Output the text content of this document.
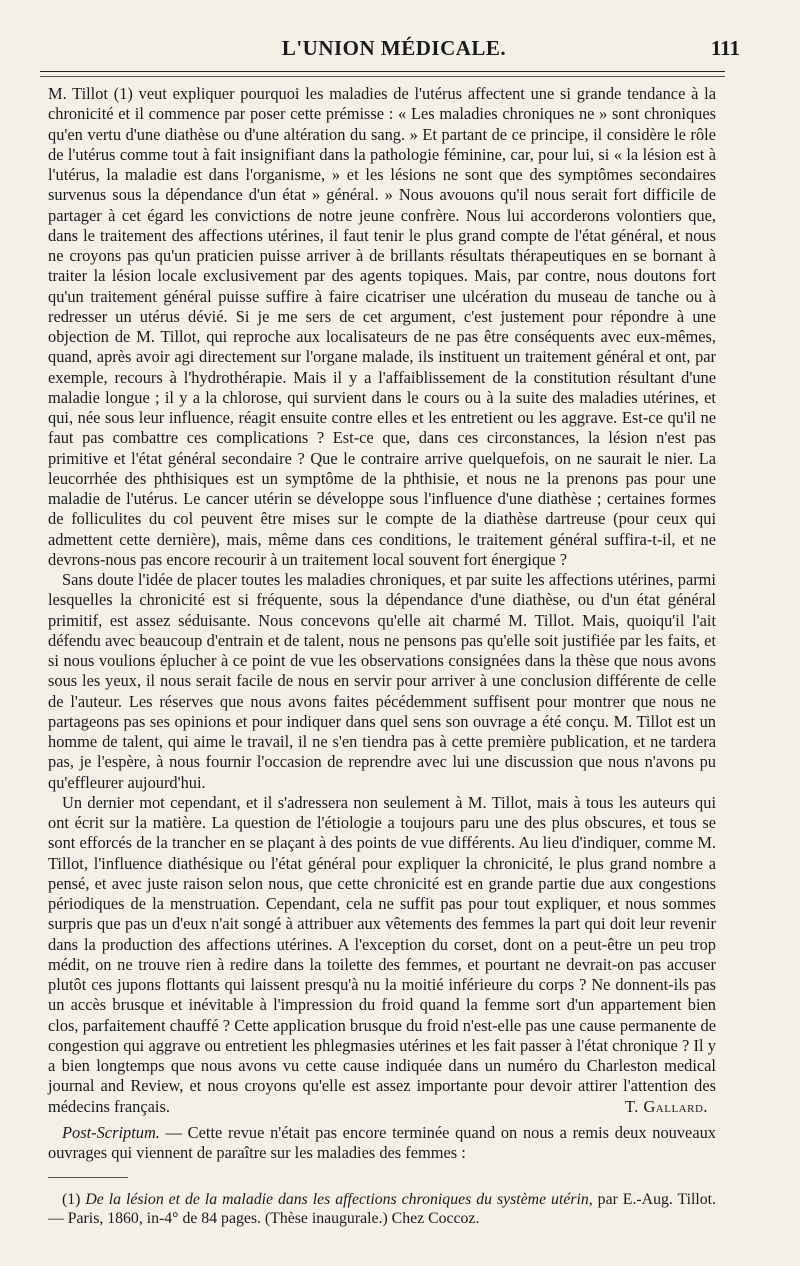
L'UNION MÉDICALE.	111

M. Tillot (1) veut expliquer pourquoi les maladies de l'utérus affectent une si grande tendance à la chronicité et il commence par poser cette prémisse : « Les maladies chroniques ne » sont chroniques qu'en vertu d'une diathèse ou d'une altération du sang. » Et partant de ce principe, il considère le rôle de l'utérus comme tout à fait insignifiant dans la pathologie féminine, car, pour lui, si « la lésion est à l'utérus, la maladie est dans l'organisme, » et les lésions ne sont que des symptômes secondaires survenus sous la dépendance d'un état » général. » Nous avouons qu'il nous serait fort difficile de partager à cet égard les convictions de notre jeune confrère. Nous lui accorderons volontiers que, dans le traitement des affections utérines, il faut tenir le plus grand compte de l'état général, et nous ne croyons pas qu'un praticien puisse arriver à de brillants résultats thérapeutiques en se bornant à traiter la lésion locale exclusivement par des agents topiques. Mais, par contre, nous doutons fort qu'un traitement général puisse suffire à faire cicatriser une ulcération du museau de tanche ou à redresser un utérus dévié. Si je me sers de cet argument, c'est justement pour répondre à une objection de M. Tillot, qui reproche aux localisateurs de ne pas être conséquents avec eux-mêmes, quand, après avoir agi directement sur l'organe malade, ils instituent un traitement général et ont, par exemple, recours à l'hydrothérapie. Mais il y a l'affaiblissement de la constitution résultant d'une maladie longue ; il y a la chlorose, qui survient dans le cours ou à la suite des maladies utérines, et qui, née sous leur influence, réagit ensuite contre elles et les entretient ou les aggrave. Est-ce qu'il ne faut pas combattre ces complications ? Est-ce que, dans ces circonstances, la lésion n'est pas primitive et l'état général secondaire ? Que le contraire arrive quelquefois, on ne saurait le nier. La leucorrhée des phthisiques est un symptôme de la phthisie, et nous ne la prenons pas pour une maladie de l'utérus. Le cancer utérin se développe sous l'influence d'une diathèse ; certaines formes de folliculites du col peuvent être mises sur le compte de la diathèse dartreuse (pour ceux qui admettent cette dernière), mais, même dans ces conditions, le traitement général suffira-t-il, et ne devrons-nous pas encore recourir à un traitement local souvent fort énergique ?

Sans doute l'idée de placer toutes les maladies chroniques, et par suite les affections utérines, parmi lesquelles la chronicité est si fréquente, sous la dépendance d'une diathèse, ou d'un état général primitif, est assez séduisante. Nous concevons qu'elle ait charmé M. Tillot. Mais, quoiqu'il l'ait défendu avec beaucoup d'entrain et de talent, nous ne pensons pas qu'elle soit justifiée par les faits, et si nous voulions éplucher à ce point de vue les observations consignées dans la thèse que nous avons sous les yeux, il nous serait facile de nous en servir pour arriver à une conclusion différente de celle de l'auteur. Les réserves que nous avons faites pécédemment suffisent pour montrer que nous ne partageons pas ses opinions et pour indiquer dans quel sens son ouvrage a été conçu. M. Tillot est un homme de talent, qui aime le travail, il ne s'en tiendra pas à cette première publication, et ne tardera pas, je l'espère, à nous fournir l'occasion de reprendre avec lui une discussion que nous n'avons pu qu'effleurer aujourd'hui.

Un dernier mot cependant, et il s'adressera non seulement à M. Tillot, mais à tous les auteurs qui ont écrit sur la matière. La question de l'étiologie a toujours paru une des plus obscures, et tous se sont efforcés de la trancher en se plaçant à des points de vue différents. Au lieu d'indiquer, comme M. Tillot, l'influence diathésique ou l'état général pour expliquer la chronicité, le plus grand nombre a pensé, et avec juste raison selon nous, que cette chronicité est en grande partie due aux congestions périodiques de la menstruation. Cependant, cela ne suffit pas pour tout expliquer, et nous sommes surpris que pas un d'eux n'ait songé à attribuer aux vêtements des femmes la part qui doit leur revenir dans la production des affections utérines. A l'exception du corset, dont on a peut-être un peu trop médit, on ne trouve rien à redire dans la toilette des femmes, et pourtant ne devrait-on pas accuser plutôt ces jupons flottants qui laissent presqu'à nu la moitié inférieure du corps ? Ne donnent-ils pas un accès brusque et inévitable à l'impression du froid quand la femme sort d'un appartement bien clos, parfaitement chauffé ? Cette application brusque du froid n'est-elle pas une cause permanente de congestion qui aggrave ou entretient les phlegmasies utérines et les fait passer à l'état chronique ? Il y a bien longtemps que nous avons vu cette cause indiquée dans un numéro du Charleston medical journal and Review, et nous croyons qu'elle est assez importante pour devoir attirer l'attention des médecins français.	T. Gallard.

Post-Scriptum. — Cette revue n'était pas encore terminée quand on nous a remis deux nouveaux ouvrages qui viennent de paraître sur les maladies des femmes :

(1) De la lésion et de la maladie dans les affections chroniques du système utérin, par E.-Aug. Tillot. — Paris, 1860, in-4° de 84 pages. (Thèse inaugurale.) Chez Coccoz.
